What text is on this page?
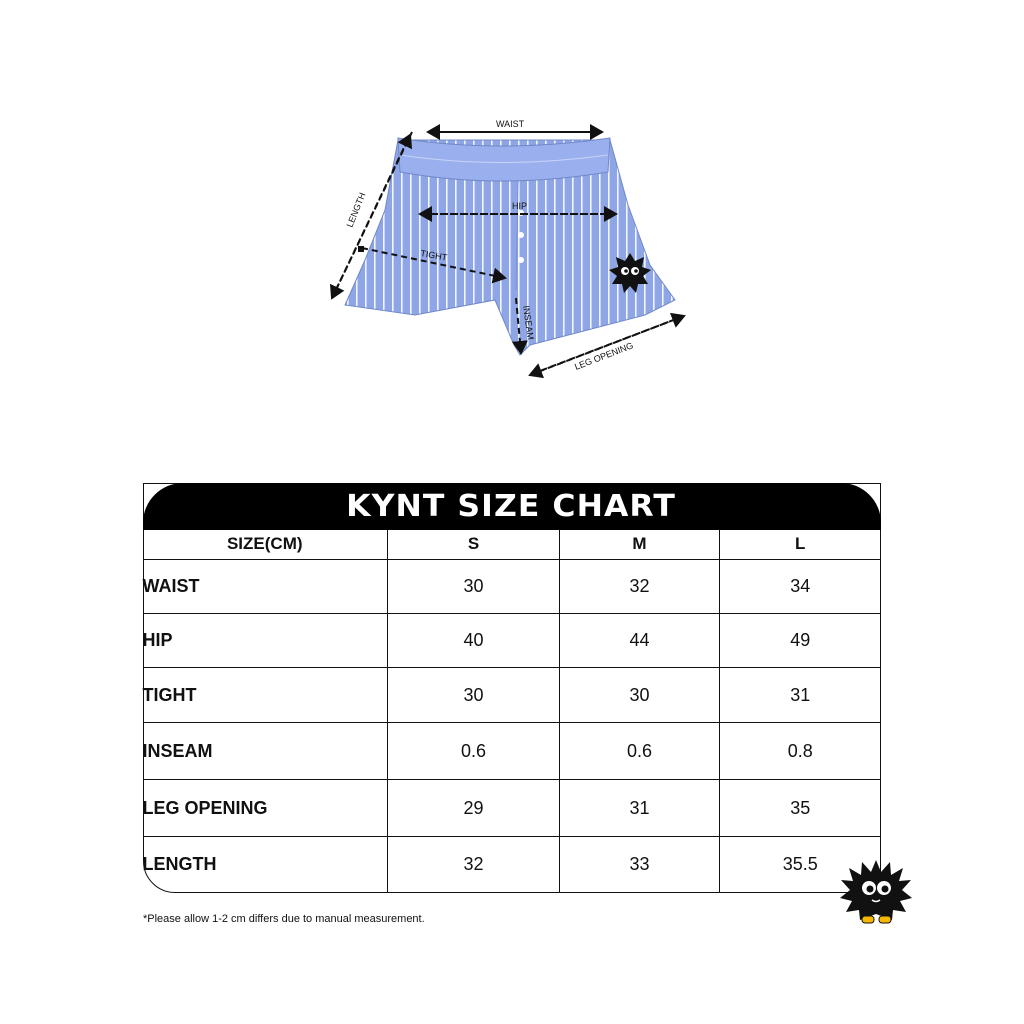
WAIST
HIP
LENGTH
TIGHT
INSEAM
LEG OPENING
KYNT SIZE CHART
SIZE(CM)	S	M	L
WAIST	30	32	34
HIP	40	44	49
TIGHT	30	30	31
INSEAM	0.6	0.6	0.8
LEG OPENING	29	31	35
LENGTH	32	33	35.5
*Please allow 1-2 cm differs due to manual measurement.
